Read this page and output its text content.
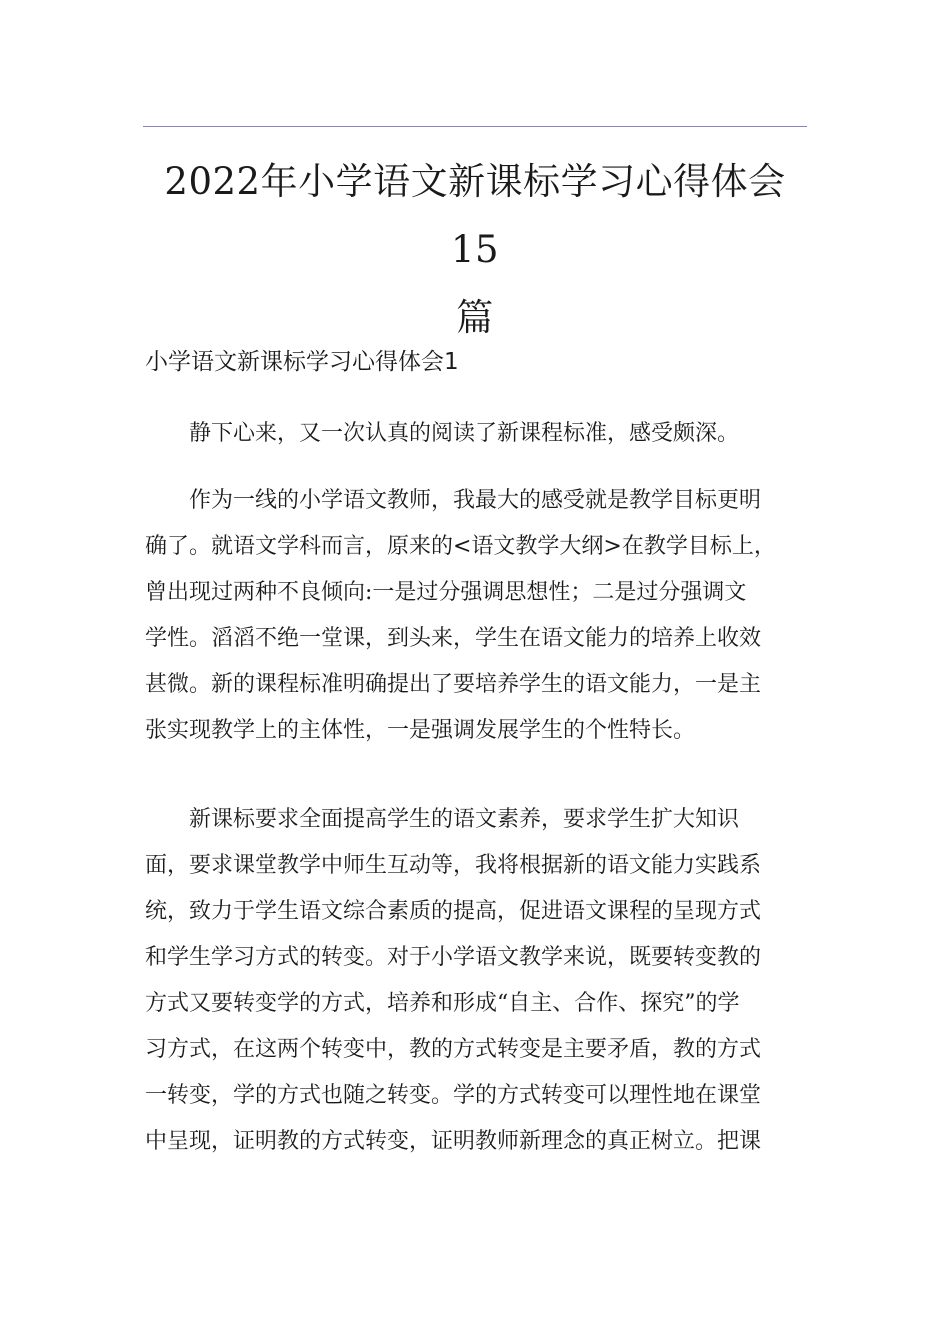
2022年小学语文新课标学习心得体会15
篇
小学语文新课标学习心得体会1
静下心来，又一次认真的阅读了新课程标准，感受颇深。
作为一线的小学语文教师，我最大的感受就是教学目标更明
确了。就语文学科而言，原来的<语文教学大纲>在教学目标上，
曾出现过两种不良倾向:一是过分强调思想性；二是过分强调文
学性。滔滔不绝一堂课，到头来，学生在语文能力的培养上收效
甚微。新的课程标准明确提出了要培养学生的语文能力，一是主
张实现教学上的主体性，一是强调发展学生的个性特长。
新课标要求全面提高学生的语文素养，要求学生扩大知识
面，要求课堂教学中师生互动等，我将根据新的语文能力实践系
统，致力于学生语文综合素质的提高，促进语文课程的呈现方式
和学生学习方式的转变。对于小学语文教学来说，既要转变教的
方式又要转变学的方式，培养和形成“自主、合作、探究”的学
习方式，在这两个转变中，教的方式转变是主要矛盾，教的方式
一转变，学的方式也随之转变。学的方式转变可以理性地在课堂
中呈现，证明教的方式转变，证明教师新理念的真正树立。把课
